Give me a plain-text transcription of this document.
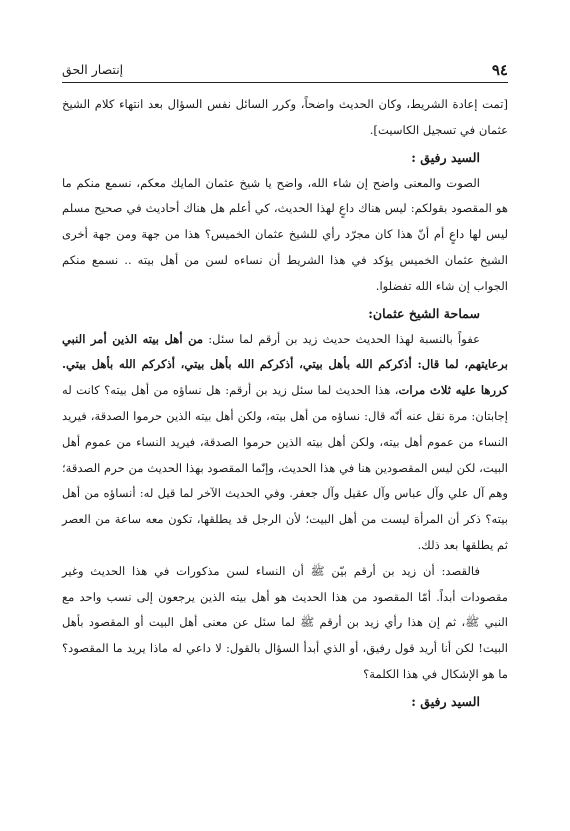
٩٤
إنتصار الحق

[تمت إعادة الشريط، وكان الحديث واضحاً، وكرر السائل نفس السؤال بعد انتهاء كلام الشيخ عثمان في تسجيل الكاسيت].

السيد رفيق :

الصوت والمعنى واضح إن شاء الله، واضح يا شيخ عثمان المايك معكم، نسمع منكم ما هو المقصود بقولكم: ليس هناك داعٍ لهذا الحديث، كي أعلم هل هناك أحاديث في صحيح مسلم ليس لها داعٍ أم أنّ هذا كان مجرّد رأي للشيخ عثمان الخميس؟ هذا من جهة ومن جهة أخرى الشيخ عثمان الخميس يؤكد في هذا الشريط أن نساءه لسن من أهل بيته .. نسمع منكم الجواب إن شاء الله تفضلوا.

سماحة الشيخ عثمان:

عفواً بالنسبة لهذا الحديث حديث زيد بن أرقم لما سئل: من أهل بيته الذين أمر النبي برعايتهم، لما قال: أذكركم الله بأهل بيتي، أذكركم الله بأهل بيتي، أذكركم الله بأهل بيتي. كررها عليه ثلاث مرات، هذا الحديث لما سئل زيد بن أرقم: هل نساؤه من أهل بيته؟ كانت له إجابتان: مرة نقل عنه أنّه قال: نساؤه من أهل بيته، ولكن أهل بيته الذين حرموا الصدقة، فيريد النساء من عموم أهل بيته، ولكن أهل بيته الذين حرموا الصدقة، فيريد النساء من عموم أهل البيت، لكن ليس المقصودين هنا في هذا الحديث، وإنّما المقصود بهذا الحديث من حرم الصدقة؛ وهم آل علي وآل عباس وآل عقيل وآل جعفر. وفي الحديث الآخر لما قيل له: أنساؤه من أهل بيته؟ ذكر أن المرأة ليست من أهل البيت؛ لأن الرجل قد يطلقها، تكون معه ساعة من العصر ثم يطلقها بعد ذلك.

فالقصد: أن زيد بن أرقم بيّن ﷺ أن النساء لسن مذكورات في هذا الحديث وغير مقصودات أبداً. أمّا المقصود من هذا الحديث هو أهل بيته الذين يرجعون إلى نسب واحد مع النبي ﷺ، ثم إن هذا رأي زيد بن أرقم ﷺ لما سئل عن معنى أهل البيت أو المقصود بأهل البيت! لكن أنا أريد قول رفيق، أو الذي أبدأ السؤال بالقول: لا داعي له ماذا يريد ما المقصود؟ ما هو الإشكال في هذا الكلمة؟

السيد رفيق :
